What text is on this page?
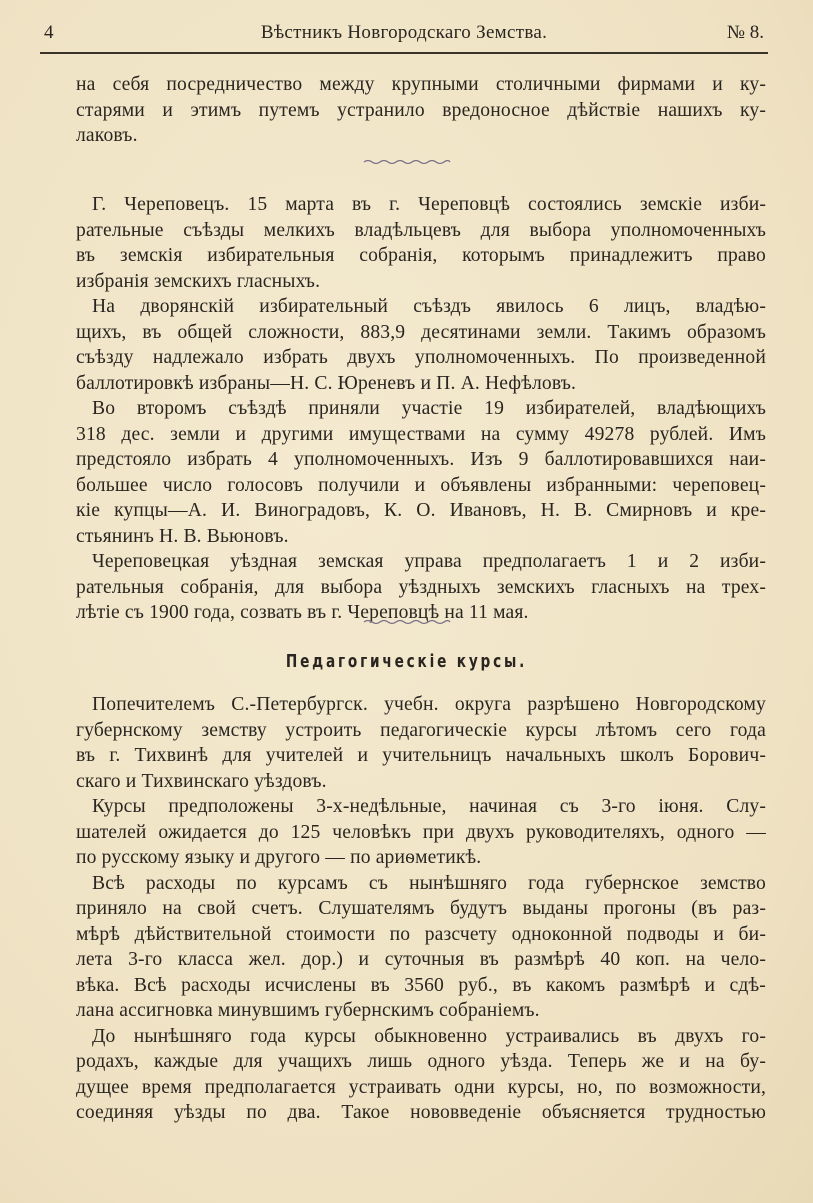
4	Вѣстникъ Новгородскаго Земства.	№ 8.
на себя посредничество между крупными столичными фирмами и ку-
старями и этимъ путемъ устранило вредоносное дѣйствіе нашихъ ку-
лаковъ.

Г. Череповецъ. 15 марта въ г. Череповцѣ состоялись земскіе изби-
рательные съѣзды мелкихъ владѣльцевъ для выбора уполномоченныхъ
въ земскія избирательныя собранія, которымъ принадлежитъ право
избранія земскихъ гласныхъ.

На дворянскій избирательный съѣздъ явилось 6 лицъ, владѣю-
щихъ, въ общей сложности, 883,9 десятинами земли. Такимъ образомъ
съѣзду надлежало избрать двухъ уполномоченныхъ. По произведенной
баллотировкѣ избраны—Н. С. Юреневъ и П. А. Нефѣловъ.

Во второмъ съѣздѣ приняли участіе 19 избирателей, владѣющихъ
318 дес. земли и другими имуществами на сумму 49278 рублей. Имъ
предстояло избрать 4 уполномоченныхъ. Изъ 9 баллотировавшихся наи-
большее число голосовъ получили и объявлены избранными: череповец-
кіе купцы—А. И. Виноградовъ, К. О. Ивановъ, Н. В. Смирновъ и кре-
стьянинъ Н. В. Вьюновъ.

Череповецкая уѣздная земская управа предполагаетъ 1 и 2 изби-
рательныя собранія, для выбора уѣздныхъ земскихъ гласныхъ на трех-
лѣтіе съ 1900 года, созвать въ г. Череповцѣ на 11 мая.

Педагогическіе курсы.

Попечителемъ С.-Петербургск. учебн. округа разрѣшено Новгородскому
губернскому земству устроить педагогическіе курсы лѣтомъ сего года
въ г. Тихвинѣ для учителей и учительницъ начальныхъ школъ Борович-
скаго и Тихвинскаго уѣздовъ.

Курсы предположены 3-х-недѣльные, начиная съ 3-го іюня. Слу-
шателей ожидается до 125 человѣкъ при двухъ руководителяхъ, одного —
по русскому языку и другого — по ариѳметикѣ.

Всѣ расходы по курсамъ съ нынѣшняго года губернское земство
приняло на свой счетъ. Слушателямъ будутъ выданы прогоны (въ раз-
мѣрѣ дѣйствительной стоимости по разсчету одноконной подводы и би-
лета 3-го класса жел. дор.) и суточныя въ размѣрѣ 40 коп. на чело-
вѣка. Всѣ расходы исчислены въ 3560 руб., въ какомъ размѣрѣ и сдѣ-
лана ассигновка минувшимъ губернскимъ собраніемъ.

До нынѣшняго года курсы обыкновенно устраивались въ двухъ го-
родахъ, каждые для учащихъ лишь одного уѣзда. Теперь же и на бу-
дущее время предполагается устраивать одни курсы, но, по возможности,
соединяя уѣзды по два. Такое нововведеніе объясняется трудностью
